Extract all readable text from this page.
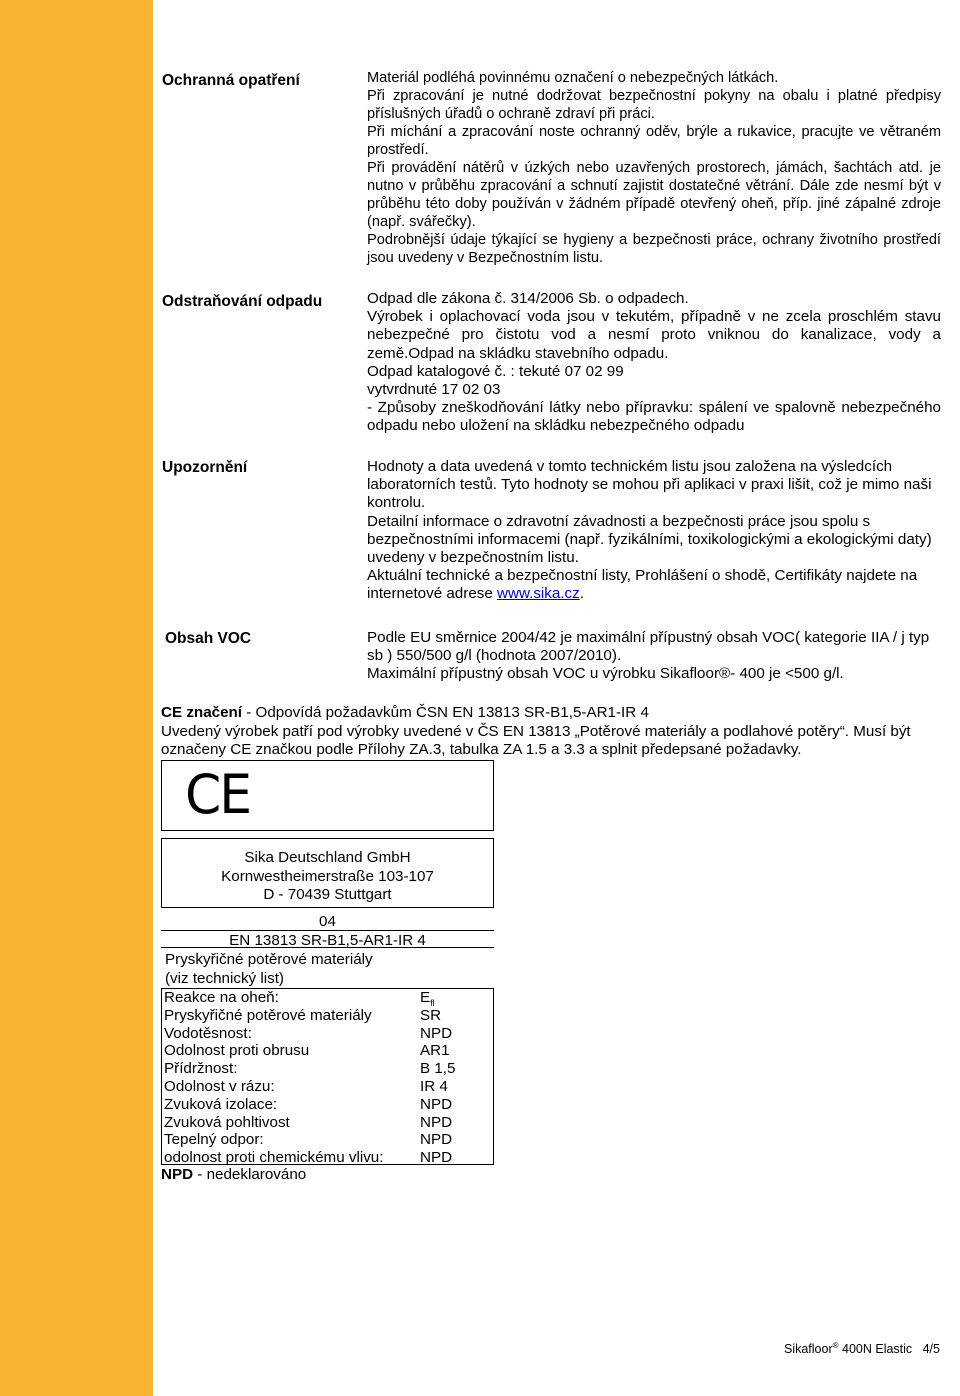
Ochranná opatření	Materiál podléhá povinnému označení o nebezpečných látkách.

Při zpracování je nutné dodržovat bezpečnostní pokyny na obalu i platné předpisy příslušných úřadů o ochraně zdraví při práci.

Při míchání a zpracování noste ochranný oděv, brýle a rukavice, pracujte ve větraném prostředí.

Při provádění nátěrů v úzkých nebo uzavřených prostorech, jámách, šachtách atd. je nutno v průběhu zpracování a schnutí zajistit dostatečné větrání. Dále zde nesmí být v průběhu této doby používán v žádném případě otevřený oheň, příp. jiné zápalné zdroje (např. svářečky).

Podrobnější údaje týkající se hygieny a bezpečnosti práce, ochrany životního prostředí jsou uvedeny v Bezpečnostním listu.

Odstraňování odpadu	Odpad dle zákona č. 314/2006 Sb. o odpadech.

Výrobek i oplachovací voda jsou v tekutém, případně v ne zcela proschlém stavu nebezpečné pro čistotu vod a nesmí proto vniknou do kanalizace, vody a země.Odpad na skládku stavebního odpadu.

Odpad katalogové č. : tekuté 07 02 99

vytvrdnuté 17 02 03

- Způsoby zneškodňování látky nebo přípravku: spálení ve spalovně nebezpečného odpadu nebo uložení na skládku nebezpečného odpadu

Upozornění	Hodnoty a data uvedená v tomto technickém listu jsou založena na výsledcích laboratorních testů. Tyto hodnoty se mohou při aplikaci v praxi lišit, což je mimo naši kontrolu.

Detailní informace o zdravotní závadnosti a bezpečnosti práce jsou spolu s bezpečnostními informacemi (např. fyzikálními, toxikologickými a ekologickými daty) uvedeny v bezpečnostním listu.

Aktuální technické a bezpečnostní listy, Prohlášení o shodě, Certifikáty najdete na internetové adrese www.sika.cz.

Obsah VOC	Podle EU směrnice 2004/42 je maximální přípustný obsah VOC( kategorie IIA / j typ sb ) 550/500 g/l (hodnota 2007/2010).

Maximální přípustný obsah VOC u výrobku Sikafloor®- 400 je <500 g/l.

CE značení - Odpovídá požadavkům ČSN EN 13813 SR-B1,5-AR1-IR 4

Uvedený výrobek patří pod výrobky uvedené v ČS EN 13813 „Potěrové materiály a podlahové potěry“. Musí být označeny CE značkou podle Přílohy ZA.3, tabulka ZA 1.5 a 3.3 a splnit předepsané požadavky.

CE
Sika Deutschland GmbH
Kornwestheimerstraße 103-107
D - 70439 Stuttgart
04
EN 13813 SR-B1,5-AR1-IR 4
Pryskyřičné potěrové materiály
(viz technický list)
Reakce na oheň:	$E_{fl}$
Pryskyřičné potěrové materiály	SR
Vodotěsnost:	NPD
Odolnost proti obrusu	AR1
Přídržnost:	B 1,5
Odolnost v rázu:	IR 4
Zvuková izolace:	NPD
Zvuková pohltivost	NPD
Tepelný odpor:	NPD
odolnost proti chemickému vlivu: NPD
NPD - nedeklarováno
Sikafloor® 400N Elastic 4/5
